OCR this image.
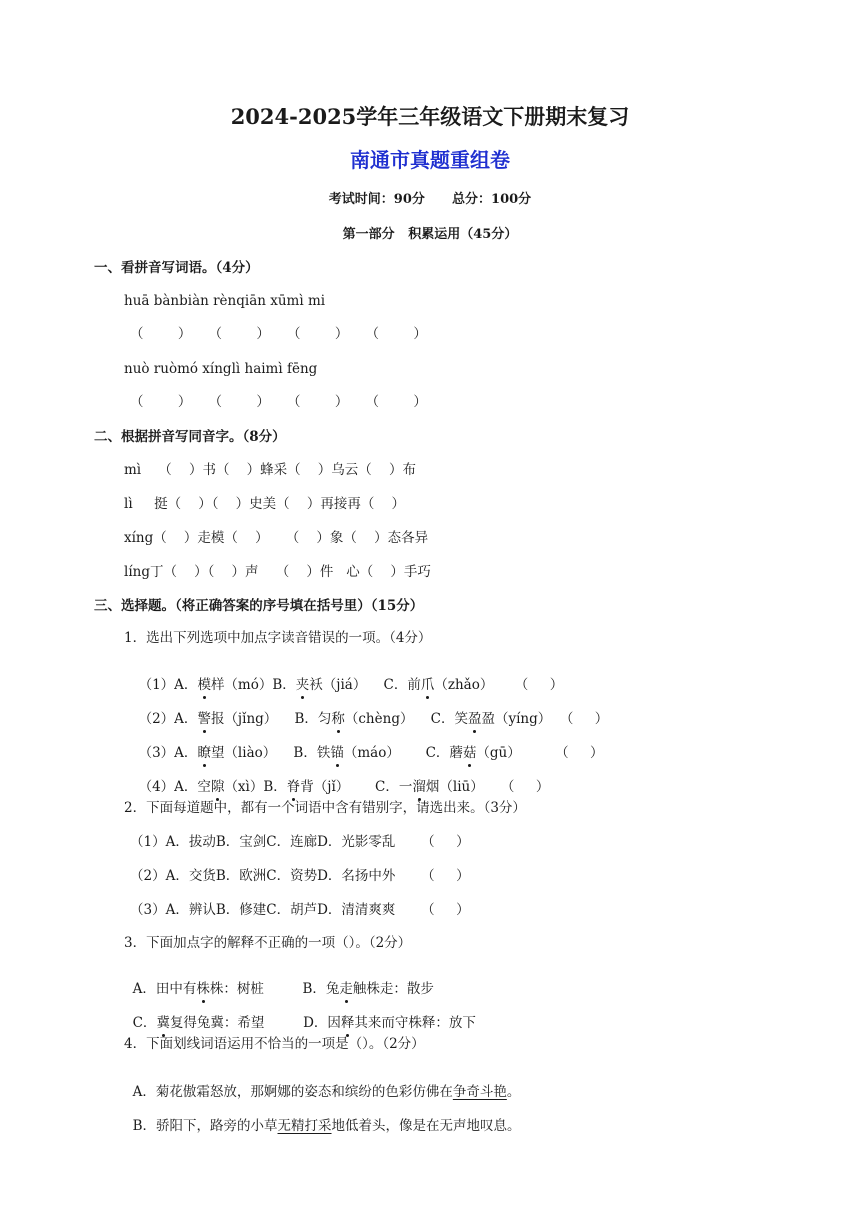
2024-2025学年三年级语文下册期末复习
南通市真题重组卷
考试时间：90分      总分：100分
第一部分   积累运用（45分）
一、看拼音写词语。（4分）
huā bànbiàn rènqiān xūmì mi
（        ）    （        ）    （        ）    （        ）
nuò ruòmó xínglì haimì fēng
（        ）    （        ）    （        ）    （        ）
二、根据拼音写同音字。（8分）
mì    （    ）书（    ）蜂采（    ）乌云（    ）布
lì     挺（    ）（    ）史美（    ）再接再（    ）
xíng（    ）走模（    ）    （    ）象（    ）态各异
líng丁（    ）（    ）声    （    ）件   心（    ）手巧
三、选择题。（将正确答案的序号填在括号里）（15分）
1．选出下列选项中加点字读音错误的一项。（4分）

（1）A．模样（mó）B．夹袄（jiá）    C．前爪（zhǎo）     （     ）

（2）A．警报（jǐng）    B．匀称（chèng）    C．笑盈盈（yíng）  （     ）

（3）A．瞭望（liào）    B．铁锚（máo）      C．蘑菇（gū）        （     ）

（4）A．空隙（xì）B．脊背（jǐ）      C．一溜烟（liū）    （     ）

2．下面每道题中，都有一个词语中含有错别字，请选出来。（3分）
（1）A．拔动B．宝剑C．连廊D．光影零乱      （     ）
（2）A．交货B．欧洲C．资势D．名扬中外      （     ）
（3）A．辨认B．修建C．胡芦D．清清爽爽      （     ）
3．下面加点字的解释不正确的一项（）。（2分）

A．田中有株株：树桩	B．兔走触株走：散步

C．冀复得兔冀：希望	D．因释其来而守株释：放下

4．下面划线词语运用不恰当的一项是（）。（2分）

A．菊花傲霜怒放，那婀娜的姿态和缤纷的色彩仿佛在争奇斗艳。

B．骄阳下，路旁的小草无精打采地低着头，像是在无声地叹息。
